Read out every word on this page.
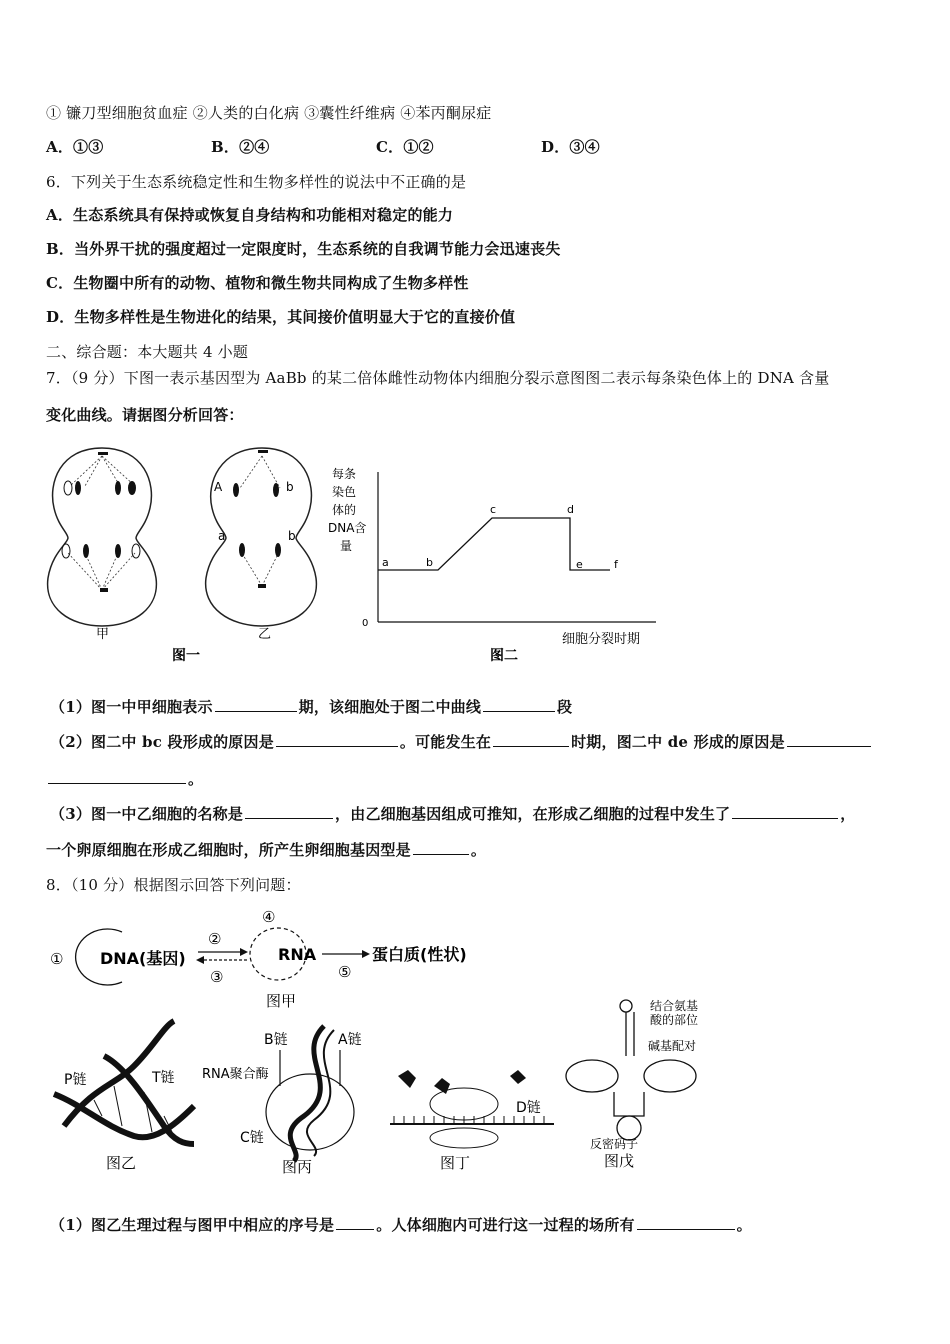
① 镰刀型细胞贫血症 ②人类的白化病 ③囊性纤维病 ④苯丙酮尿症
A．①③	B．②④	C．①②	D．③④
6．下列关于生态系统稳定性和生物多样性的说法中不正确的是
A．生态系统具有保持或恢复自身结构和功能相对稳定的能力
B．当外界干扰的强度超过一定限度时，生态系统的自我调节能力会迅速丧失
C．生物圈中所有的动物、植物和微生物共同构成了生物多样性
D．生物多样性是生物进化的结果，其间接价值明显大于它的直接价值
二、综合题：本大题共 4 小题
7．（9 分）下图一表示基因型为 AaBb 的某二倍体雌性动物体内细胞分裂示意图图二表示每条染色体上的 DNA 含量
变化曲线。请据图分析回答：
甲
图一
A	b
a	b
乙
每条
染色
体的
DNA含
量
0
a	b
c	d
e	f
细胞分裂时期
图二
（1）图一中甲细胞表示	期，该细胞处于图二中曲线	段
（2）图二中 bc 段形成的原因是	。可能发生在	时期，图二中 de 形成的原因是
。
（3）图一中乙细胞的名称是	，由乙细胞基因组成可推知，在形成乙细胞的过程中发生了	，
一个卵原细胞在形成乙细胞时，所产生卵细胞基因型是	。
8．（10 分）根据图示回答下列问题：
① DNA(基因)
②
③
④
RNA
⑤
蛋白质(性状)
图甲
P链	T链
图乙
B链	A链
RNA聚合酶
C链
图丙
D链
图丁
结合氨基
酸的部位
碱基配对
反密码子
图戊
（1）图乙生理过程与图甲中相应的序号是	。人体细胞内可进行这一过程的场所有	。
